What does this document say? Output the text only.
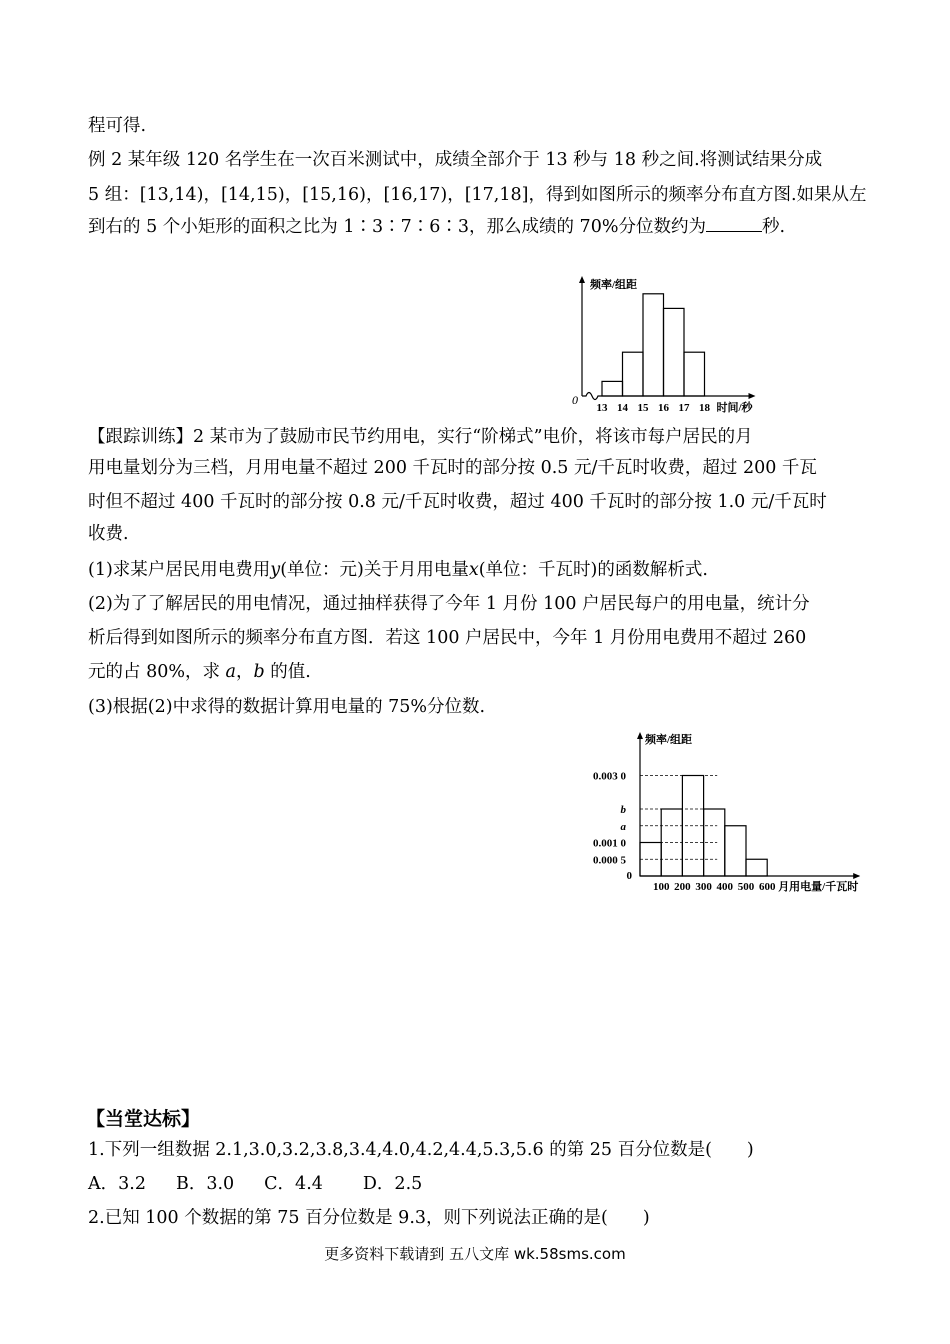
程可得.
例 2 某年级 120 名学生在一次百米测试中，成绩全部介于 13 秒与 18 秒之间.将测试结果分成
5 组：[13,14)，[14,15)，[15,16)，[16,17)，[17,18]，得到如图所示的频率分布直方图.如果从左
到右的 5 个小矩形的面积之比为 1∶3∶7∶6∶3，那么成绩的 70%分位数约为	秒.
频率/组距
0
13 14 15 16 17 18 时间/秒
【跟踪训练】2 某市为了鼓励市民节约用电，实行“阶梯式”电价，将该市每户居民的月
用电量划分为三档，月用电量不超过 200 千瓦时的部分按 0.5 元/千瓦时收费，超过 200 千瓦
时但不超过 400 千瓦时的部分按 0.8 元/千瓦时收费，超过 400 千瓦时的部分按 1.0 元/千瓦时
收费.
(1)求某户居民用电费用y(单位：元)关于月用电量x(单位：千瓦时)的函数解析式.
(2)为了了解居民的用电情况，通过抽样获得了今年 1 月份 100 户居民每户的用电量，统计分
析后得到如图所示的频率分布直方图．若这 100 户居民中，今年 1 月份用电费用不超过 260
元的占 80%，求 a，b 的值.
(3)根据(2)中求得的数据计算用电量的 75%分位数.
频率/组距
0
0.003 0
b
a
0.001 0
0.000 5
100 200 300 400 500 600 月用电量/千瓦时
【当堂达标】
1.下列一组数据 2.1,3.0,3.2,3.8,3.4,4.0,4.2,4.4,5.3,5.6 的第 25 百分位数是(　　)
A．3.2 B．3.0 C．4.4 D．2.5
2.已知 100 个数据的第 75 百分位数是 9.3，则下列说法正确的是(　　)
更多资料下载请到 五八文库 wk.58sms.com
